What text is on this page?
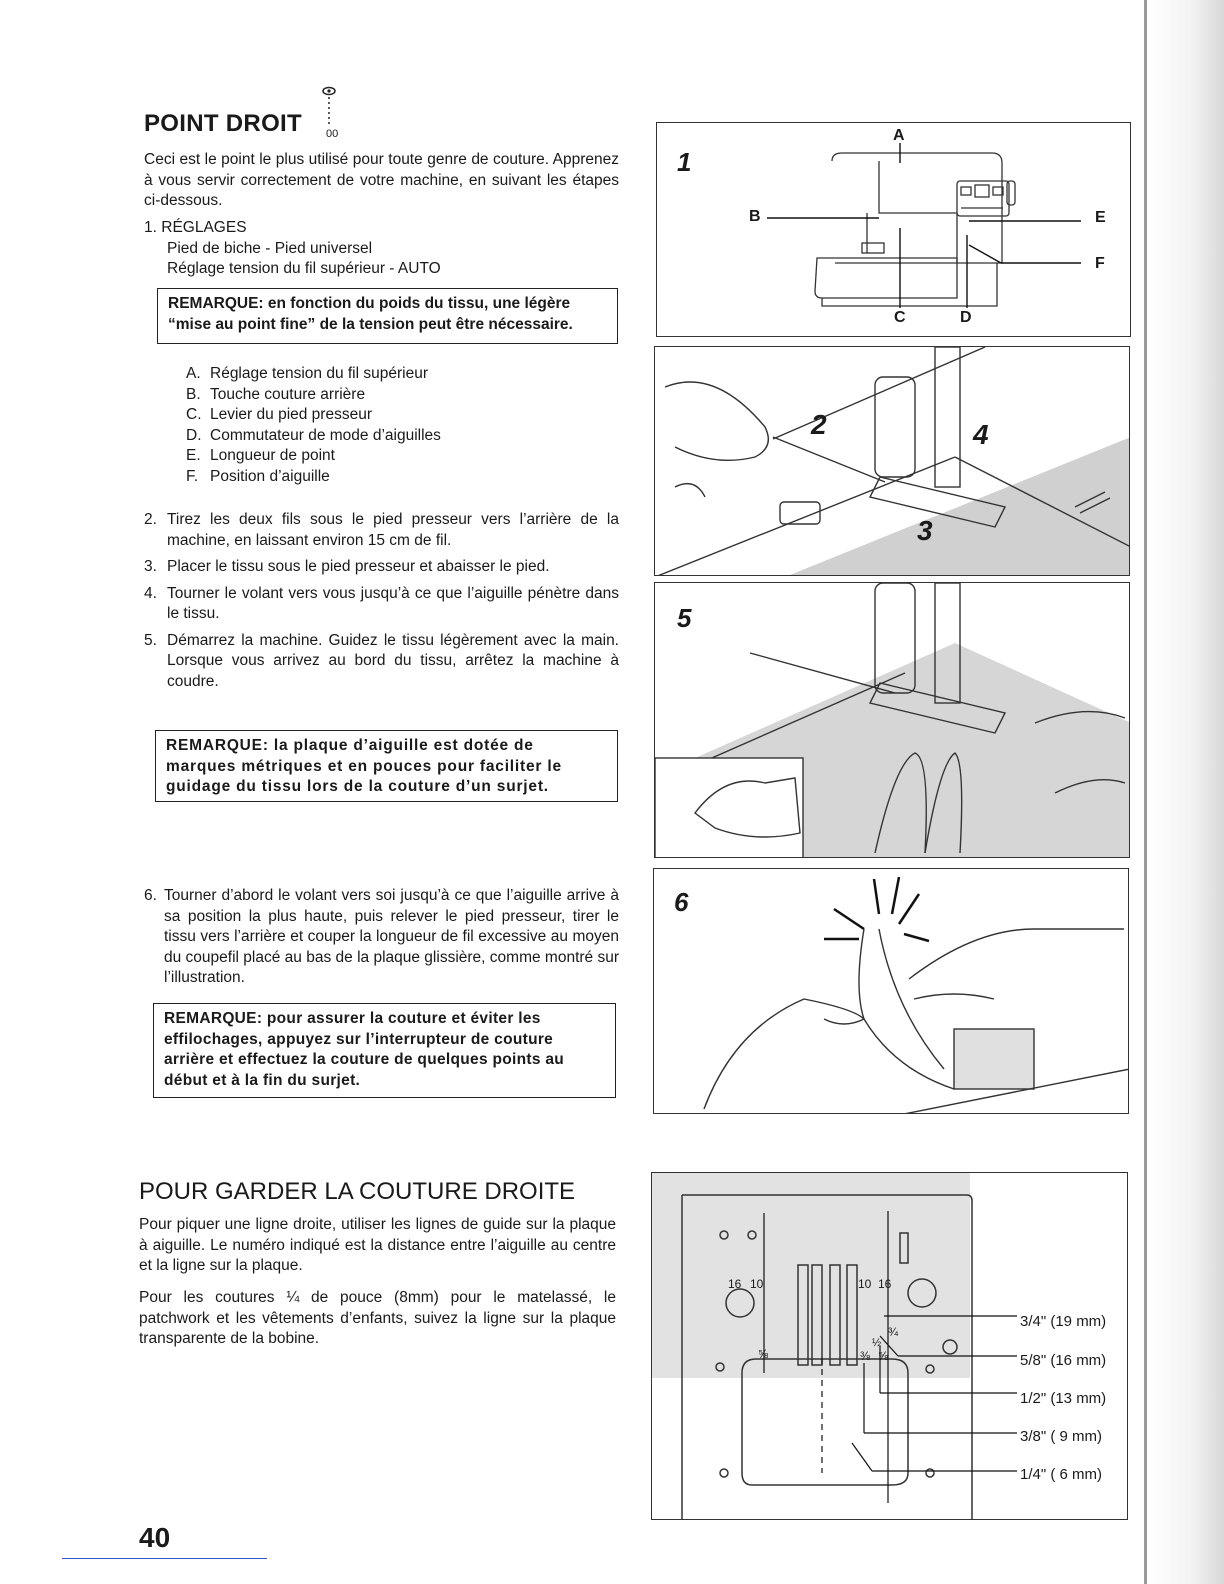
POINT DROIT 00
Ceci est le point le plus utilisé pour toute genre de couture. Apprenez à vous servir correctement de votre machine, en suivant les étapes ci-dessous.
1. RÉGLAGES
Pied de biche - Pied universel
Réglage tension du fil supérieur - AUTO
REMARQUE: en fonction du poids du tissu, une légère “mise au point fine” de la tension peut être nécessaire.
A. Réglage tension du fil supérieur
B. Touche couture arrière
C. Levier du pied presseur
D. Commutateur de mode d’aiguilles
E. Longueur de point
F. Position d’aiguille
2. Tirez les deux fils sous le pied presseur vers l’arrière de la machine, en laissant environ 15 cm de fil.
3. Placer le tissu sous le pied presseur et abaisser le pied.
4. Tourner le volant vers vous jusqu’à ce que l’aiguille pénètre dans le tissu.
5. Démarrez la machine. Guidez le tissu légèrement avec la main. Lorsque vous arrivez au bord du tissu, arrêtez la machine à coudre.
REMARQUE: la plaque d’aiguille est dotée de marques métriques et en pouces pour faciliter le guidage du tissu lors de la couture d’un surjet.
6. Tourner d’abord le volant vers soi jusqu’à ce que l’aiguille arrive à sa position la plus haute, puis relever le pied presseur, tirer le tissu vers l’arrière et couper la longueur de fil excessive au moyen du coupefil placé au bas de la plaque glissière, comme montré sur l’illustration.
REMARQUE: pour assurer la couture et éviter les effilochages, appuyez sur l’interrupteur de couture arrière et effectuez la couture de quelques points au début et à la fin du surjet.
POUR GARDER LA COUTURE DROITE
Pour piquer une ligne droite, utiliser les lignes de guide sur la plaque à aiguille. Le numéro indiqué est la distance entre l’aiguille au centre et la ligne sur la plaque.
Pour les coutures ¼ de pouce (8mm) pour le matelassé, le patchwork et les vêtements d’enfants, suivez la ligne sur la plaque transparente de la bobine.
40
1
A
B
C	D
E
F
2
3
4
5
6
16 10	10 16
¾
⅝
½
⅜ ⅝
3/4" (19 mm)
5/8" (16 mm)
1/2" (13 mm)
3/8" ( 9 mm)
1/4" ( 6 mm)
